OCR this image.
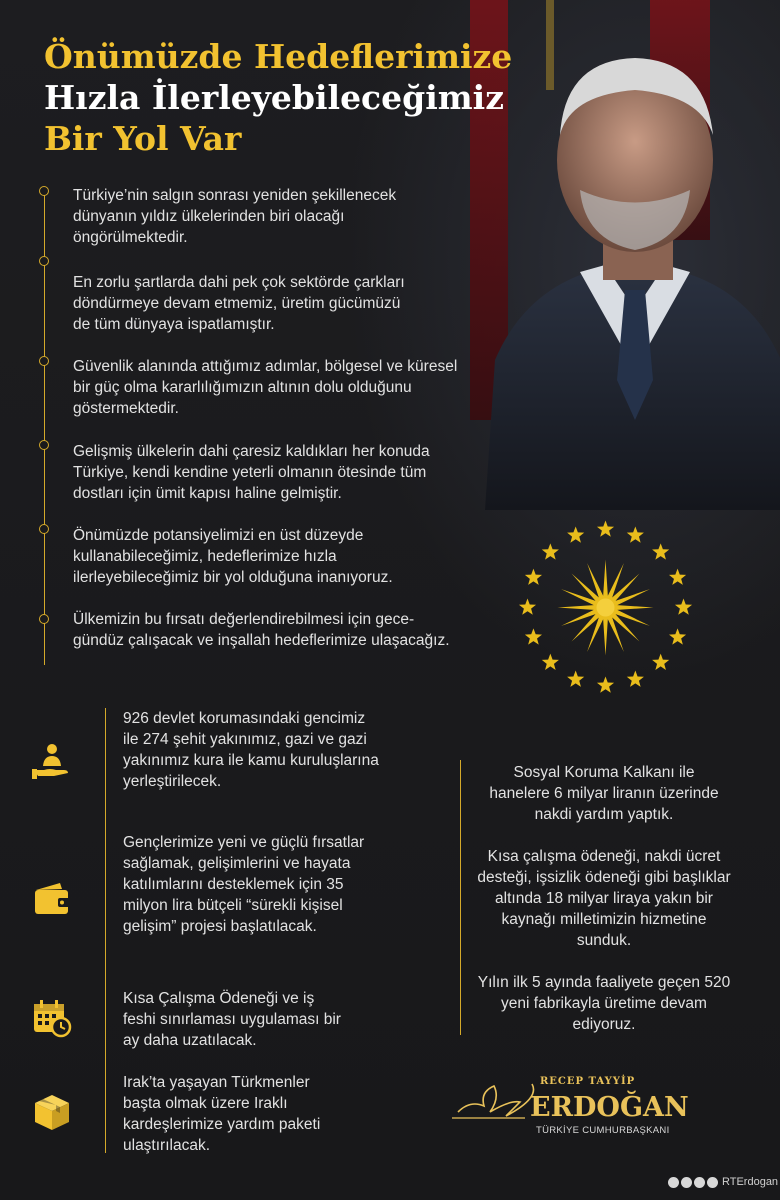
Önümüzde Hedeflerimize
Hızla İlerleyebileceğimiz
Bir Yol Var
Türkiye’nin salgın sonrası yeniden şekillenecek dünyanın yıldız ülkelerinden biri olacağı öngörülmektedir.
En zorlu şartlarda dahi pek çok sektörde çarkları döndürmeye devam etmemiz, üretim gücümüzü de tüm dünyaya ispatlamıştır.
Güvenlik alanında attığımız adımlar, bölgesel ve küresel bir güç olma kararlılığımızın altının dolu olduğunu göstermektedir.
Gelişmiş ülkelerin dahi çaresiz kaldıkları her konuda Türkiye, kendi kendine yeterli olmanın ötesinde tüm dostları için ümit kapısı haline gelmiştir.
Önümüzde potansiyelimizi en üst düzeyde kullanabileceğimiz, hedeflerimize hızla ilerleyebileceğimiz bir yol olduğuna inanıyoruz.
Ülkemizin bu fırsatı değerlendirebilmesi için gece-gündüz çalışacak ve inşallah hedeflerimize ulaşacağız.
926 devlet korumasındaki gencimiz ile 274 şehit yakınımız, gazi ve gazi yakınımız kura ile kamu kuruluşlarına yerleştirilecek.
Gençlerimize yeni ve güçlü fırsatlar sağlamak, gelişimlerini ve hayata katılımlarını desteklemek için 35 milyon lira bütçeli “sürekli kişisel gelişim” projesi başlatılacak.
Kısa Çalışma Ödeneği ve iş feshi sınırlaması uygulaması bir ay daha uzatılacak.
Irak’ta yaşayan Türkmenler başta olmak üzere Iraklı kardeşlerimize yardım paketi ulaştırılacak.
Sosyal Koruma Kalkanı ile hanelere 6 milyar liranın üzerinde nakdi yardım yaptık.
Kısa çalışma ödeneği, nakdi ücret desteği, işsizlik ödeneği gibi başlıklar altında 18 milyar liraya yakın bir kaynağı milletimizin hizmetine sunduk.
Yılın ilk 5 ayında faaliyete geçen 520 yeni fabrikayla üretime devam ediyoruz.
RECEP TAYYİP
ERDOĞAN
TÜRKİYE CUMHURBAŞKANI
RTErdogan
